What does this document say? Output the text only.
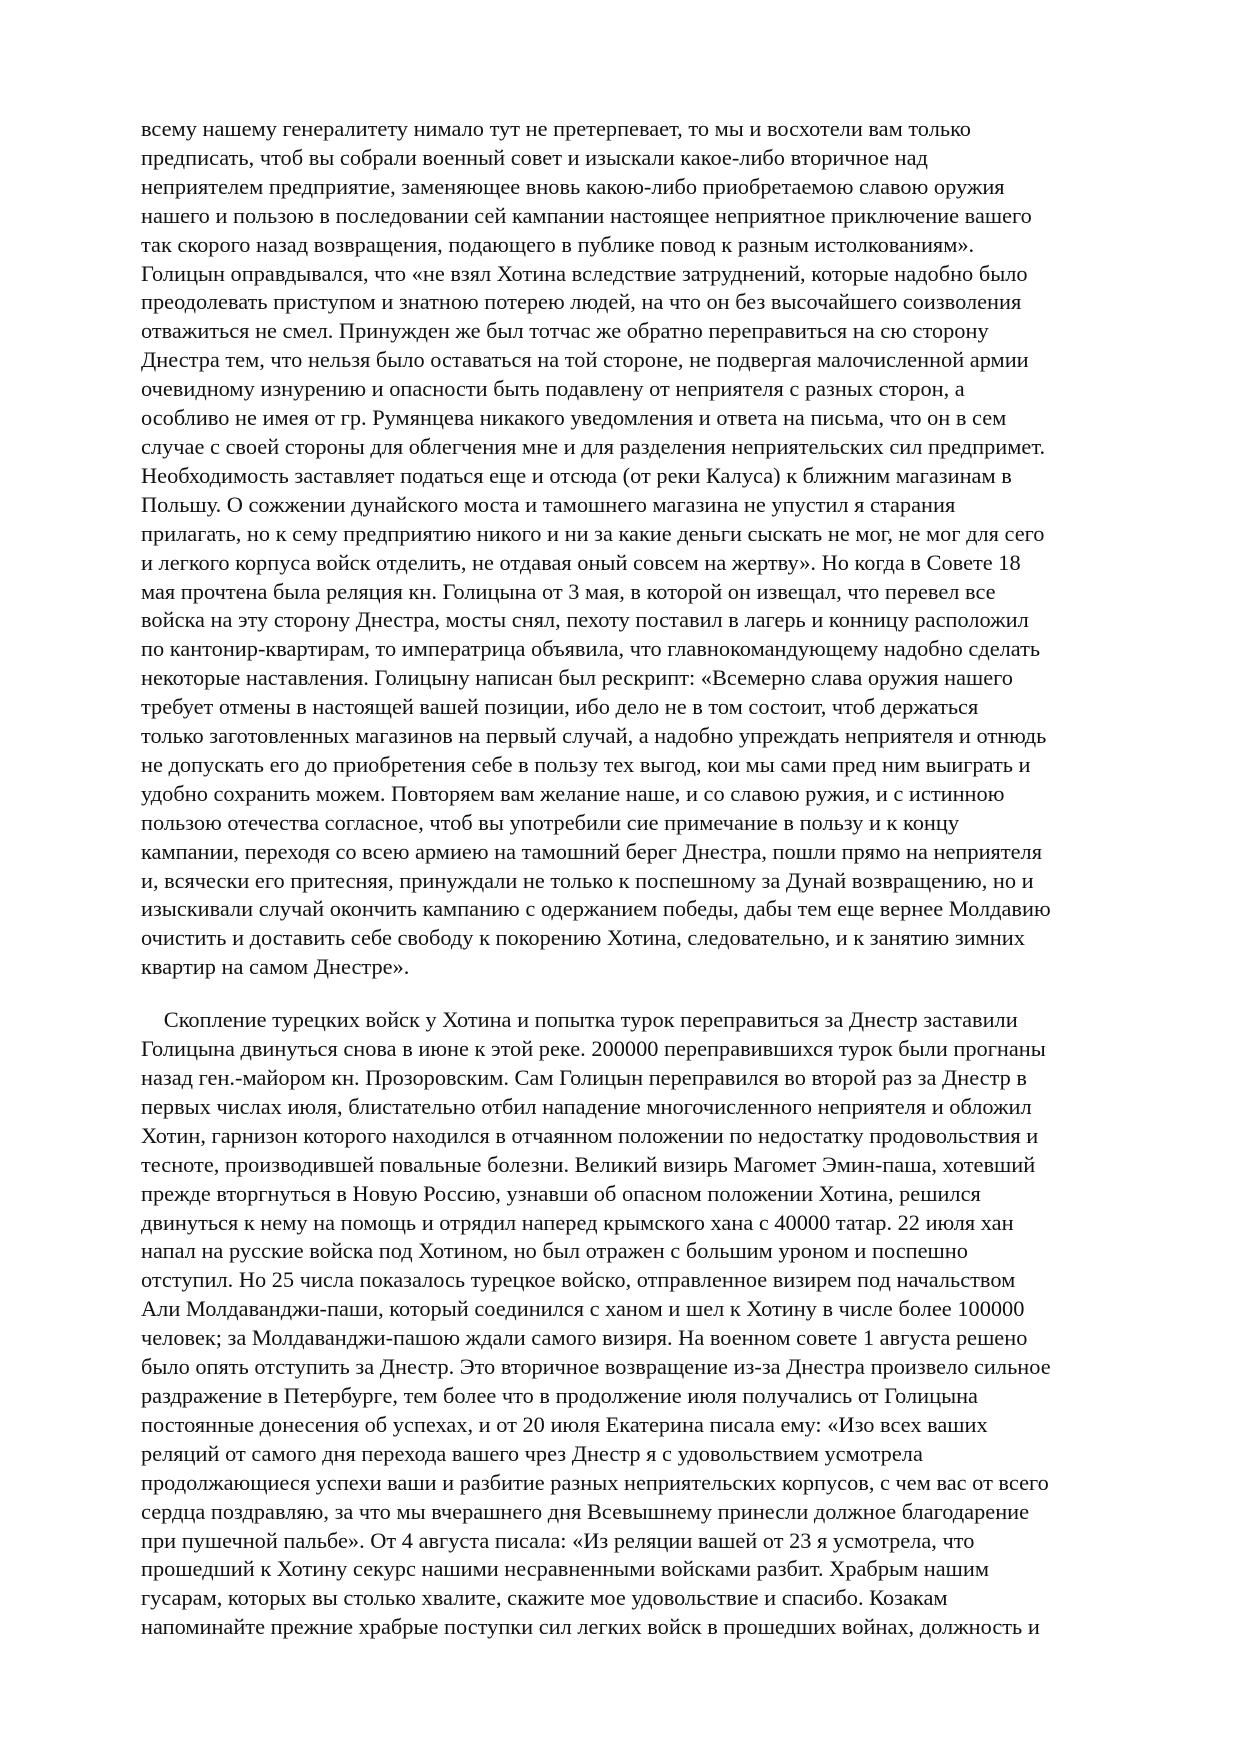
всему нашему генералитету нимало тут не претерпевает, то мы и восхотели вам только
предписать, чтоб вы собрали военный совет и изыскали какое-либо вторичное над
неприятелем предприятие, заменяющее вновь какою-либо приобретаемою славою оружия
нашего и пользою в последовании сей кампании настоящее неприятное приключение вашего
так скорого назад возвращения, подающего в публике повод к разным истолкованиям».
Голицын оправдывался, что «не взял Хотина вследствие затруднений, которые надобно было
преодолевать приступом и знатною потерею людей, на что он без высочайшего соизволения
отважиться не смел. Принужден же был тотчас же обратно переправиться на сю сторону
Днестра тем, что нельзя было оставаться на той стороне, не подвергая малочисленной армии
очевидному изнурению и опасности быть подавлену от неприятеля с разных сторон, а
особливо не имея от гр. Румянцева никакого уведомления и ответа на письма, что он в сем
случае с своей стороны для облегчения мне и для разделения неприятельских сил предпримет.
Необходимость заставляет податься еще и отсюда (от реки Калуса) к ближним магазинам в
Польшу. О сожжении дунайского моста и тамошнего магазина не упустил я старания
прилагать, но к сему предприятию никого и ни за какие деньги сыскать не мог, не мог для сего
и легкого корпуса войск отделить, не отдавая оный совсем на жертву». Но когда в Совете 18
мая прочтена была реляция кн. Голицына от 3 мая, в которой он извещал, что перевел все
войска на эту сторону Днестра, мосты снял, пехоту поставил в лагерь и конницу расположил
по кантонир-квартирам, то императрица объявила, что главнокомандующему надобно сделать
некоторые наставления. Голицыну написан был рескрипт: «Всемерно слава оружия нашего
требует отмены в настоящей вашей позиции, ибо дело не в том состоит, чтоб держаться
только заготовленных магазинов на первый случай, а надобно упреждать неприятеля и отнюдь
не допускать его до приобретения себе в пользу тех выгод, кои мы сами пред ним выиграть и
удобно сохранить можем. Повторяем вам желание наше, и со славою ружия, и с истинною
пользою отечества согласное, чтоб вы употребили сие примечание в пользу и к концу
кампании, переходя со всею армиею на тамошний берег Днестра, пошли прямо на неприятеля
и, всячески его притесняя, принуждали не только к поспешному за Дунай возвращению, но и
изыскивали случай окончить кампанию с одержанием победы, дабы тем еще вернее Молдавию
очистить и доставить себе свободу к покорению Хотина, следовательно, и к занятию зимних
квартир на самом Днестре».

Скопление турецких войск у Хотина и попытка турок переправиться за Днестр заставили
Голицына двинуться снова в июне к этой реке. 200000 переправившихся турок были прогнаны
назад ген.-майором кн. Прозоровским. Сам Голицын переправился во второй раз за Днестр в
первых числах июля, блистательно отбил нападение многочисленного неприятеля и обложил
Хотин, гарнизон которого находился в отчаянном положении по недостатку продовольствия и
тесноте, производившей повальные болезни. Великий визирь Магомет Эмин-паша, хотевший
прежде вторгнуться в Новую Россию, узнавши об опасном положении Хотина, решился
двинуться к нему на помощь и отрядил наперед крымского хана с 40000 татар. 22 июля хан
напал на русские войска под Хотином, но был отражен с большим уроном и поспешно
отступил. Но 25 числа показалось турецкое войско, отправленное визирем под начальством
Али Молдаванджи-паши, который соединился с ханом и шел к Хотину в числе более 100000
человек; за Молдаванджи-пашою ждали самого визиря. На военном совете 1 августа решено
было опять отступить за Днестр. Это вторичное возвращение из-за Днестра произвело сильное
раздражение в Петербурге, тем более что в продолжение июля получались от Голицына
постоянные донесения об успехах, и от 20 июля Екатерина писала ему: «Изо всех ваших
реляций от самого дня перехода вашего чрез Днестр я с удовольствием усмотрела
продолжающиеся успехи ваши и разбитие разных неприятельских корпусов, с чем вас от всего
сердца поздравляю, за что мы вчерашнего дня Всевышнему принесли должное благодарение
при пушечной пальбе». От 4 августа писала: «Из реляции вашей от 23 я усмотрела, что
прошедший к Хотину секурс нашими несравненными войсками разбит. Храбрым нашим
гусарам, которых вы столько хвалите, скажите мое удовольствие и спасибо. Козакам
напоминайте прежние храбрые поступки сил легких войск в прошедших войнах, должность и
